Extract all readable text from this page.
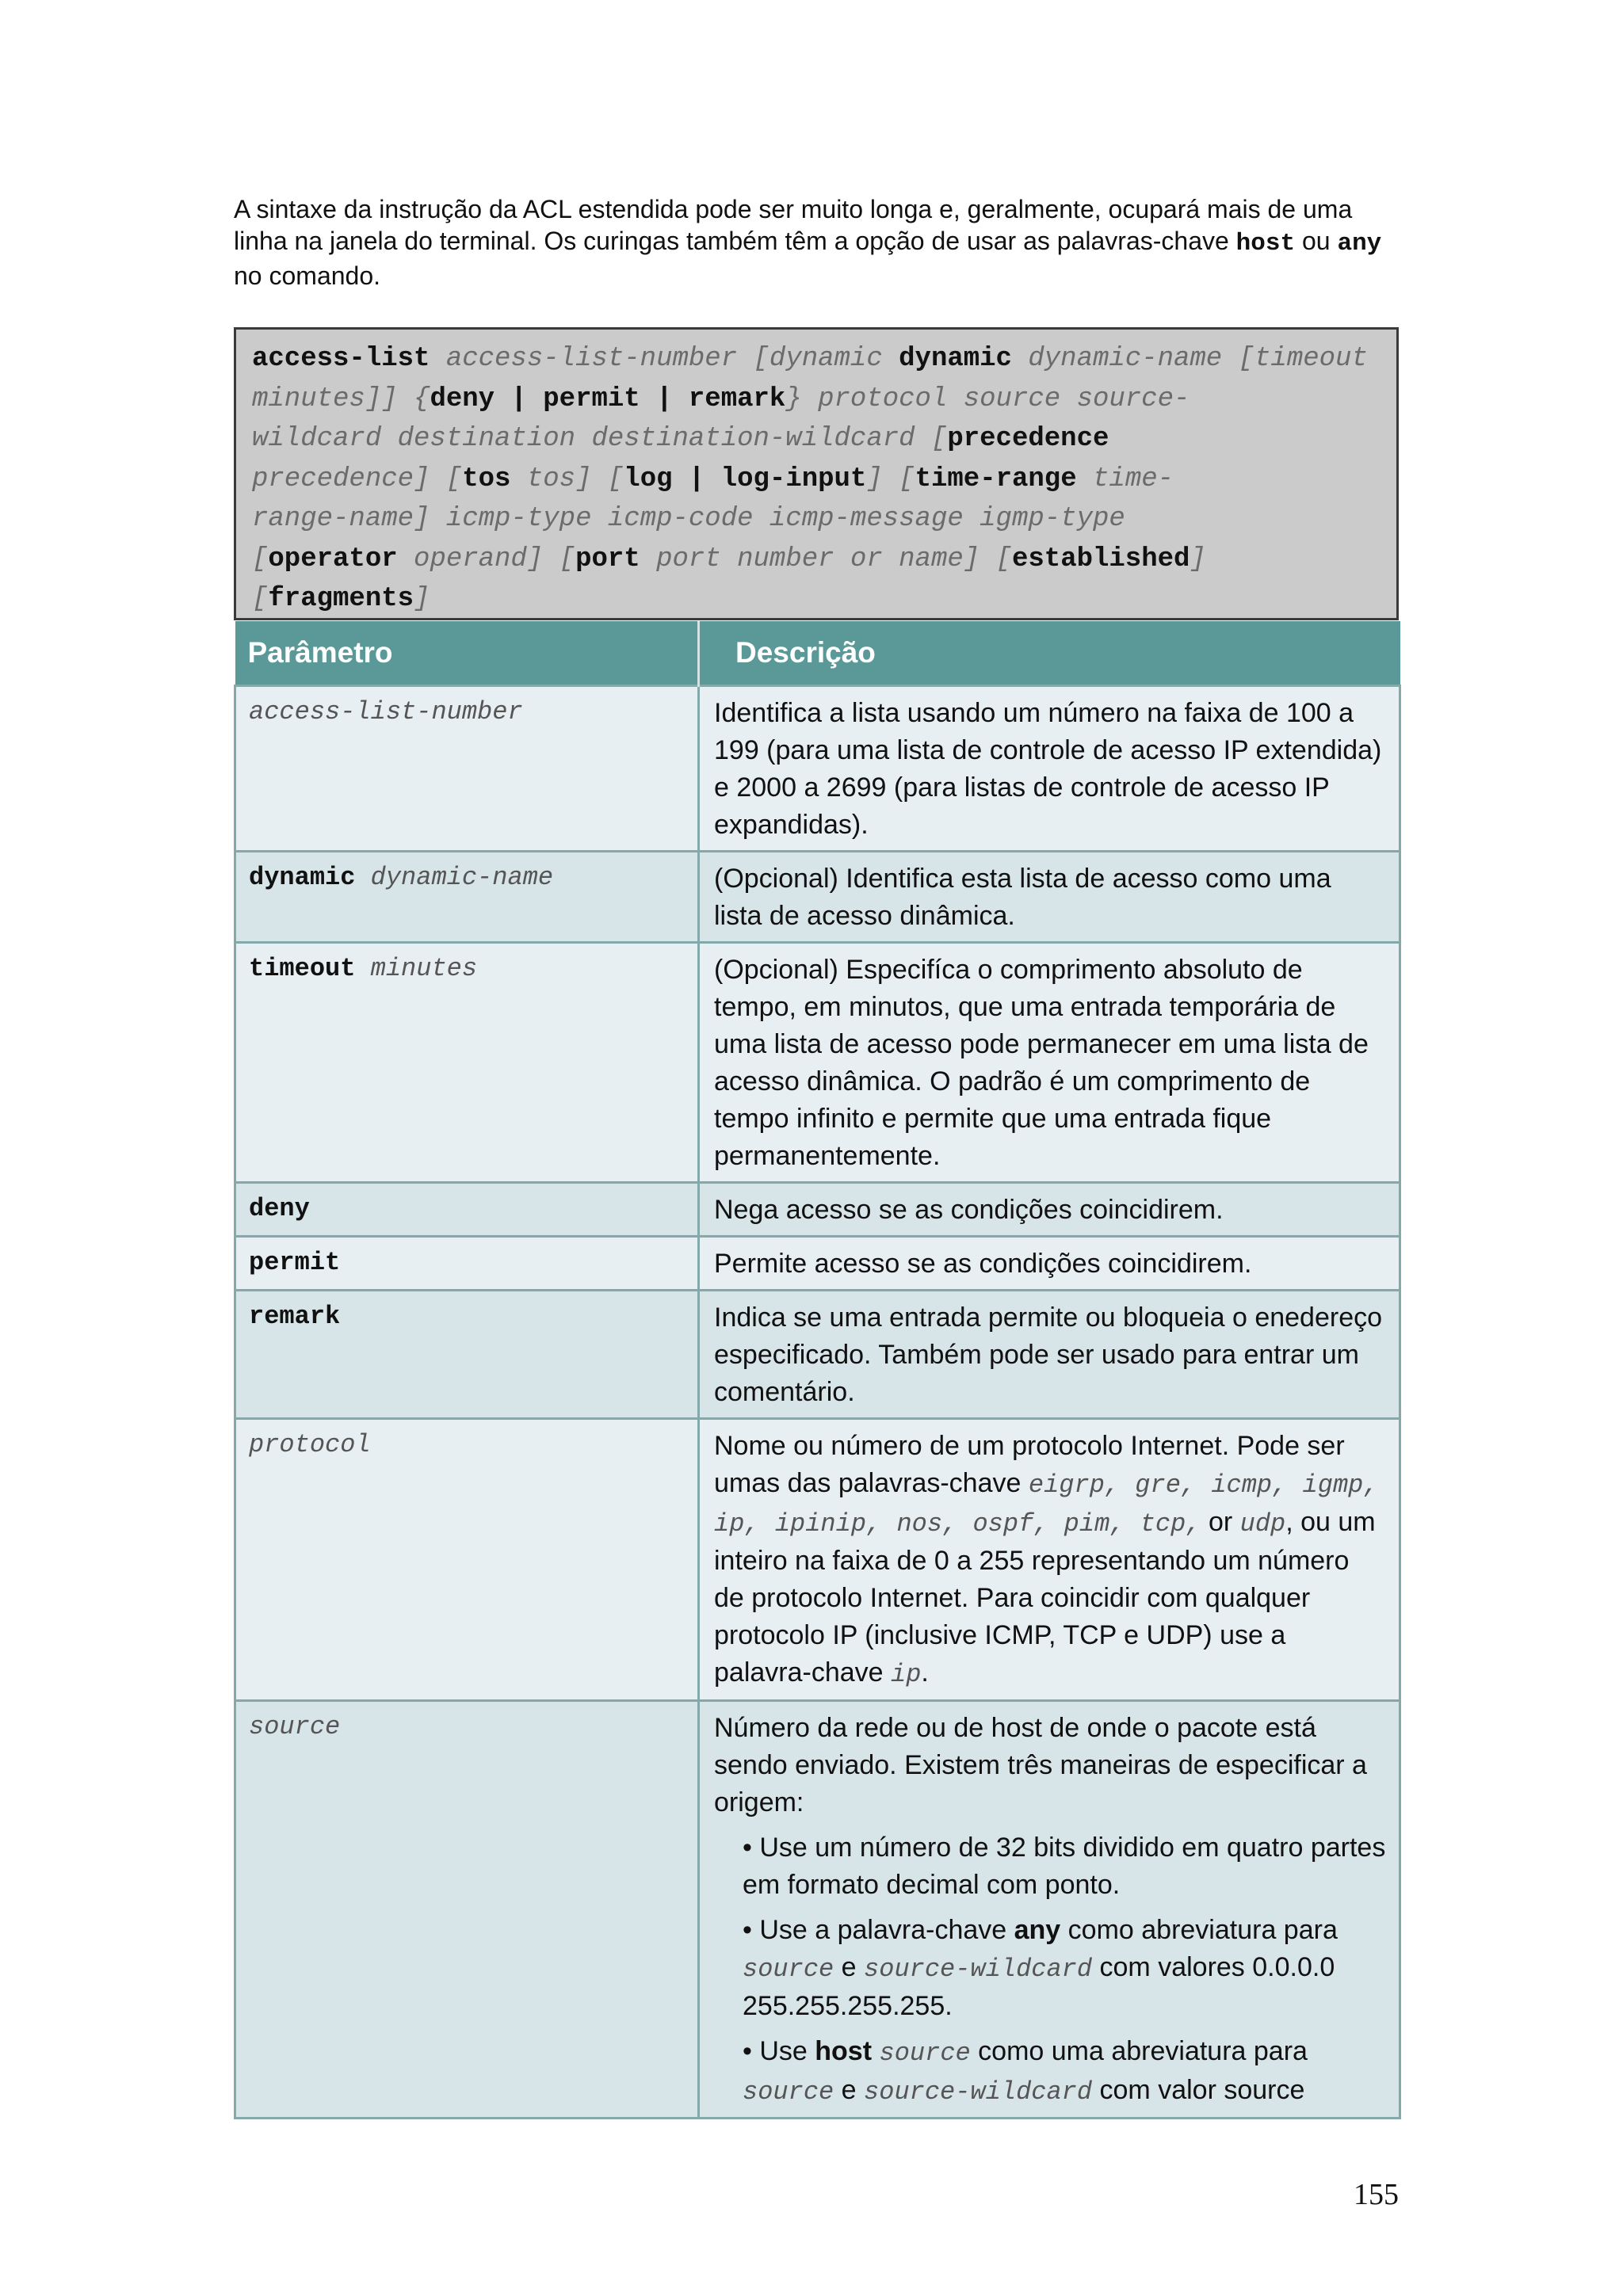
A sintaxe da instrução da ACL estendida pode ser muito longa e, geralmente, ocupará mais de uma linha na janela do terminal. Os curingas também têm a opção de usar as palavras-chave host ou any no comando.
access-list access-list-number [dynamic dynamic dynamic-name [timeout
minutes]] {deny | permit | remark} protocol source source-
wildcard destination destination-wildcard [precedence
precedence] [tos tos] [log | log-input] [time-range time-
range-name] icmp-type icmp-code icmp-message igmp-type
[operator operand] [port port number or name] [established]
[fragments]
Parâmetro	Descrição
access-list-number	Identifica a lista usando um número na faixa de 100 a 199 (para uma lista de controle de acesso IP extendida) e 2000 a 2699 (para listas de controle de acesso IP expandidas).
dynamic dynamic-name	(Opcional) Identifica esta lista de acesso como uma lista de acesso dinâmica.
timeout minutes	(Opcional) Especifíca o comprimento absoluto de tempo, em minutos, que uma entrada temporária de uma lista de acesso pode permanecer em uma lista de acesso dinâmica. O padrão é um comprimento de tempo infinito e permite que uma entrada fique permanentemente.
deny	Nega acesso se as condições coincidirem.
permit	Permite acesso se as condições coincidirem.
remark	Indica se uma entrada permite ou bloqueia o enedereço especificado. Também pode ser usado para entrar um comentário.
protocol	Nome ou número de um protocolo Internet. Pode ser umas das palavras-chave eigrp, gre, icmp, igmp, ip, ipinip, nos, ospf, pim, tcp, or udp, ou um inteiro na faixa de 0 a 255 representando um número de protocolo Internet. Para coincidir com qualquer protocolo IP (inclusive ICMP, TCP e UDP) use a palavra-chave ip.
source	Número da rede ou de host de onde o pacote está sendo enviado. Existem três maneiras de especificar a origem:
• Use um número de 32 bits dividido em quatro partes em formato decimal com ponto.
• Use a palavra-chave any como abreviatura para source e source-wildcard com valores 0.0.0.0 255.255.255.255.
• Use host source como uma abreviatura para source e source-wildcard com valor source
155
